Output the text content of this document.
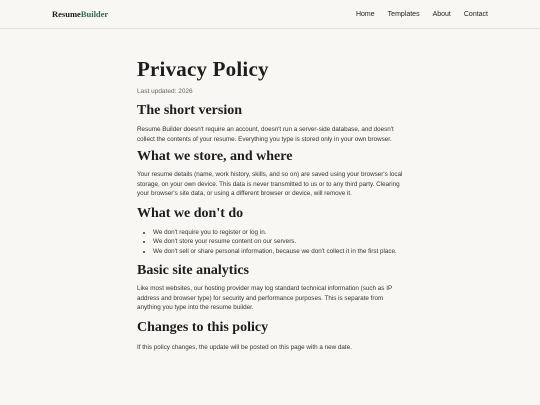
ResumeBuilder	Home Templates About Contact
Privacy Policy

Last updated: 2026

The short version

Resume Builder doesn't require an account, doesn't run a server-side database, and doesn't collect the contents of your resume. Everything you type is stored only in your own browser.

What we store, and where

Your resume details (name, work history, skills, and so on) are saved using your browser's local storage, on your own device. This data is never transmitted to us or to any third party. Clearing your browser's site data, or using a different browser or device, will remove it.

What we don't do
• We don't require you to register or log in.
• We don't store your resume content on our servers.
• We don't sell or share personal information, because we don't collect it in the first place.
Basic site analytics

Like most websites, our hosting provider may log standard technical information (such as IP address and browser type) for security and performance purposes. This is separate from anything you type into the resume builder.

Changes to this policy

If this policy changes, the update will be posted on this page with a new date.
